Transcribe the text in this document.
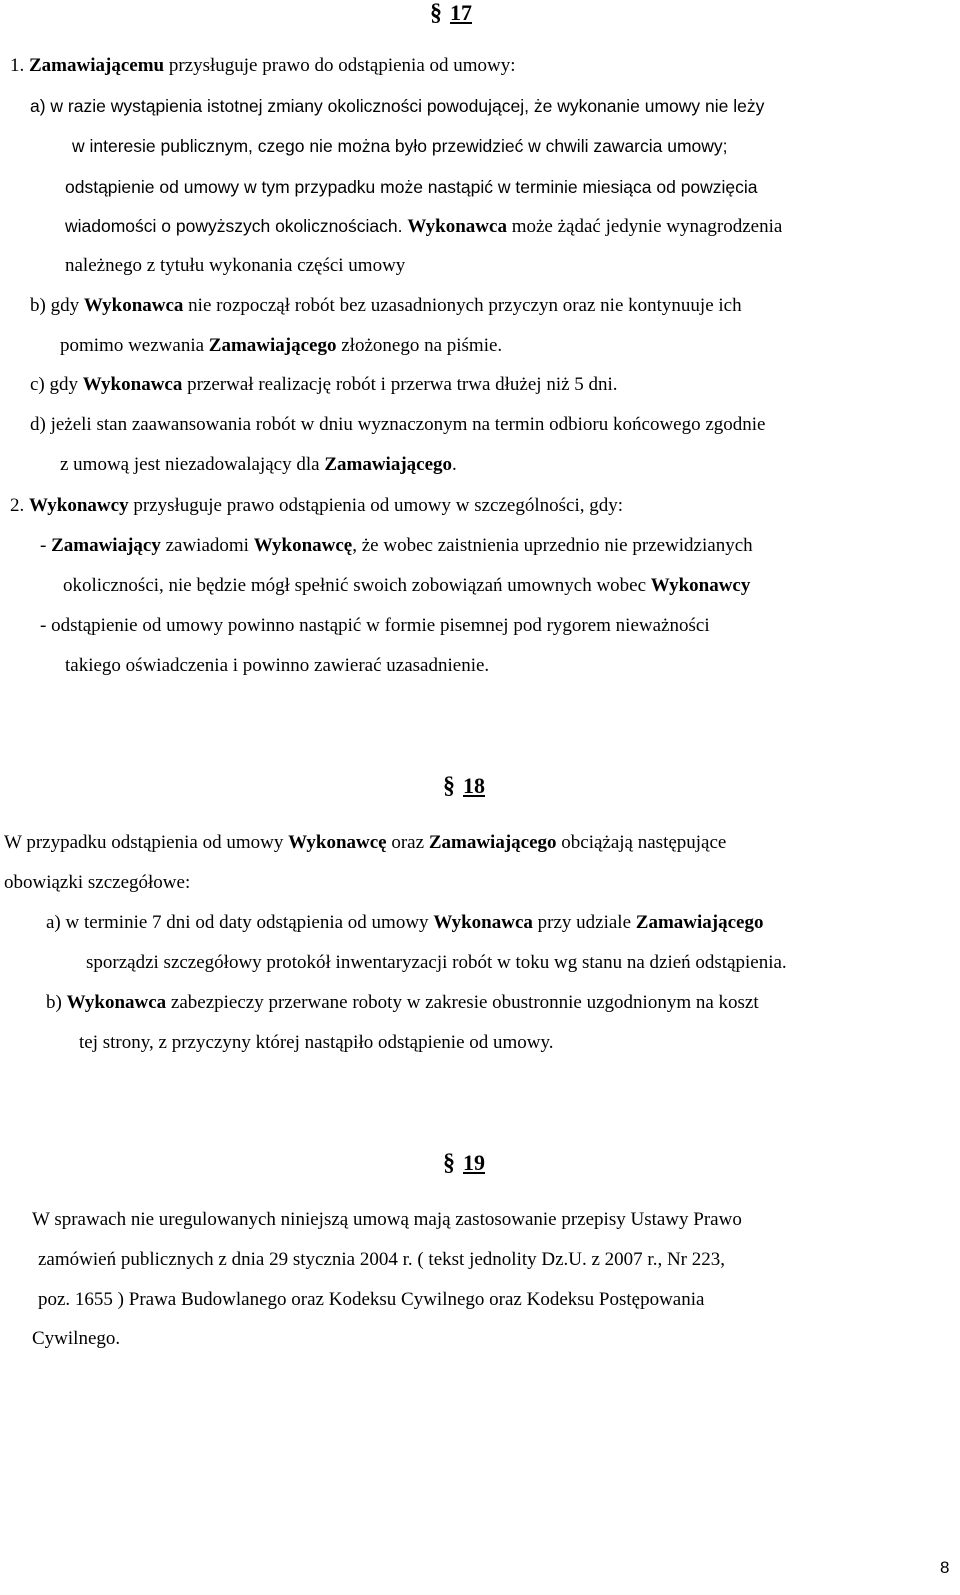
§ 17
1. Zamawiającemu przysługuje prawo do odstąpienia od umowy:
a) w razie wystąpienia istotnej zmiany okoliczności powodującej, że wykonanie umowy nie leży
w interesie publicznym, czego nie można było przewidzieć w chwili zawarcia umowy;
odstąpienie od umowy w tym przypadku może nastąpić w terminie miesiąca od powzięcia
wiadomości o powyższych okolicznościach. Wykonawca może żądać jedynie wynagrodzenia
należnego z tytułu wykonania części umowy
b) gdy Wykonawca nie rozpoczął robót bez uzasadnionych przyczyn oraz nie kontynuuje ich
pomimo wezwania Zamawiającego złożonego na piśmie.
c) gdy Wykonawca przerwał realizację robót i przerwa trwa dłużej niż 5 dni.
d) jeżeli stan zaawansowania robót w dniu wyznaczonym na termin odbioru końcowego zgodnie
z umową jest niezadowalający dla Zamawiającego.
2. Wykonawcy przysługuje prawo odstąpienia od umowy w szczególności, gdy:
- Zamawiający zawiadomi Wykonawcę, że wobec zaistnienia uprzednio nie przewidzianych
okoliczności, nie będzie mógł spełnić swoich zobowiązań umownych wobec Wykonawcy
- odstąpienie od umowy powinno nastąpić w formie pisemnej pod rygorem nieważności
takiego oświadczenia i powinno zawierać uzasadnienie.
§ 18
W przypadku odstąpienia od umowy Wykonawcę oraz Zamawiającego obciążają następujące
obowiązki szczegółowe:
a) w terminie 7 dni od daty odstąpienia od umowy Wykonawca przy udziale Zamawiającego
sporządzi szczegółowy protokół inwentaryzacji robót w toku wg stanu na dzień odstąpienia.
b) Wykonawca zabezpieczy przerwane roboty w zakresie obustronnie uzgodnionym na koszt
tej strony, z przyczyny której nastąpiło odstąpienie od umowy.
§ 19
W sprawach nie uregulowanych niniejszą umową mają zastosowanie przepisy Ustawy Prawo
zamówień publicznych z dnia 29 stycznia 2004 r. ( tekst jednolity Dz.U. z 2007 r., Nr 223,
poz. 1655 ) Prawa Budowlanego oraz Kodeksu Cywilnego oraz Kodeksu Postępowania
Cywilnego.
8
